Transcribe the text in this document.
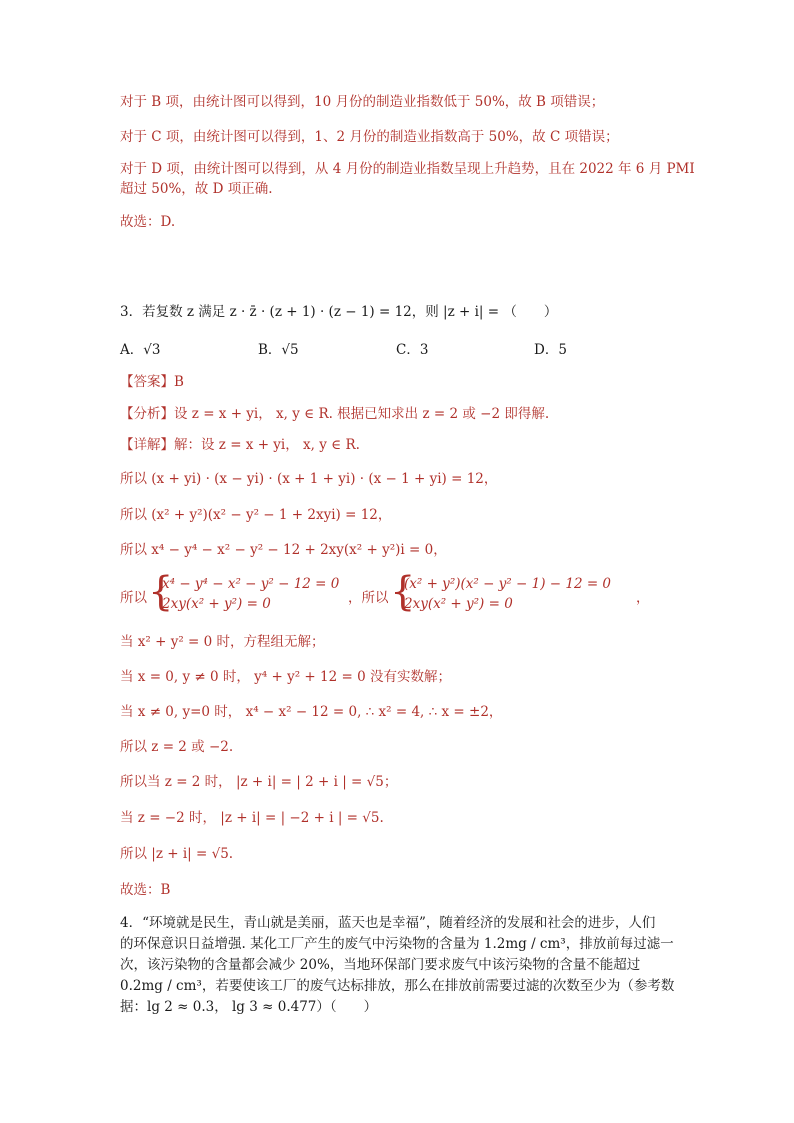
对于 B 项，由统计图可以得到，10 月份的制造业指数低于 50%，故 B 项错误；
对于 C 项，由统计图可以得到，1、2 月份的制造业指数高于 50%，故 C 项错误；
对于 D 项，由统计图可以得到，从 4 月份的制造业指数呈现上升趋势，且在 2022 年 6 月 PMI
超过 50%，故 D 项正确.
故选：D.
3．若复数 z 满足 z · z̄ · (z + 1) · (z − 1) = 12，则 |z + i| = （　　）
A．√3	B．√5	C．3	D．5
【答案】B
【分析】设 z = x + yi， x, y ∈ R. 根据已知求出 z = 2 或 −2 即得解.
【详解】解：设 z = x + yi， x, y ∈ R.
所以 (x + yi) · (x − yi) · (x + 1 + yi) · (x − 1 + yi) = 12，
所以 (x² + y²)(x² − y² − 1 + 2xyi) = 12，
所以 x⁴ − y⁴ − x² − y² − 12 + 2xy(x² + y²)i = 0，
所以 {
x⁴ − y⁴ − x² − y² − 12 = 0
2xy(x² + y²) = 0	，所以 {
(x² + y²)(x² − y² − 1) − 12 = 0
2xy(x² + y²) = 0	，
当 x² + y² = 0 时，方程组无解；
当 x = 0, y ≠ 0 时， y⁴ + y² + 12 = 0 没有实数解；
当 x ≠ 0, y=0 时， x⁴ − x² − 12 = 0, ∴ x² = 4, ∴ x = ±2，
所以 z = 2 或 −2.
所以当 z = 2 时， |z + i| = | 2 + i | = √5；
当 z = −2 时， |z + i| = | −2 + i | = √5.
所以 |z + i| = √5.
故选：B
4．“环境就是民生，青山就是美丽，蓝天也是幸福”，随着经济的发展和社会的进步，人们
的环保意识日益增强. 某化工厂产生的废气中污染物的含量为 1.2mg / cm³，排放前每过滤一
次，该污染物的含量都会减少 20%，当地环保部门要求废气中该污染物的含量不能超过
0.2mg / cm³，若要使该工厂的废气达标排放，那么在排放前需要过滤的次数至少为（参考数
据：lg 2 ≈ 0.3， lg 3 ≈ 0.477）（　　）
